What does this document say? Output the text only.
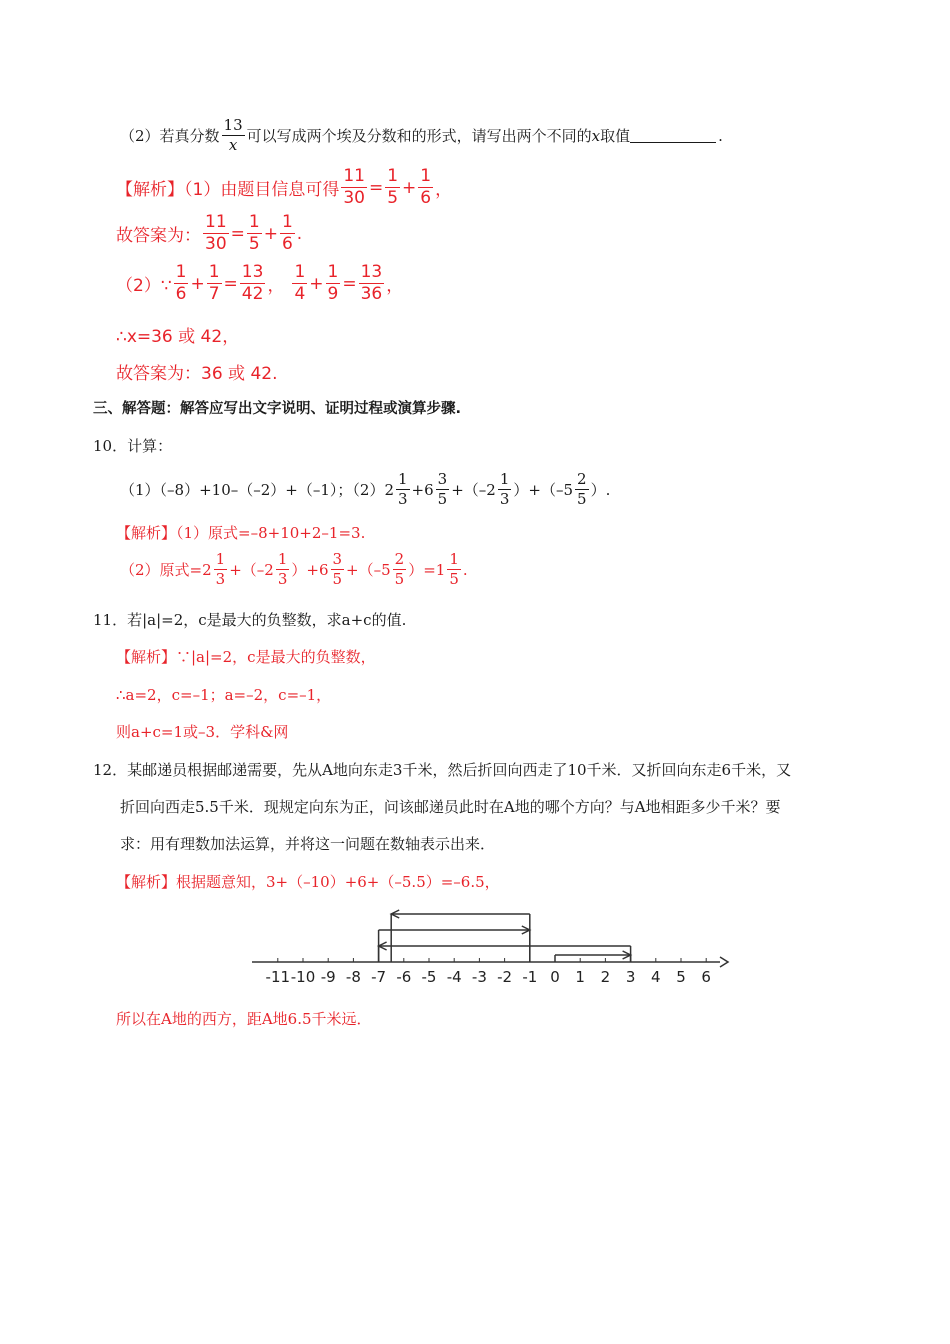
（2）若真分数 $\frac{13}{x}$ 可以写成两个埃及分数和的形式，请写出两个不同的 x 取值	.
【解析】（1）由题目信息可得 $\frac{11}{30} = \frac{1}{5} + \frac{1}{6}$ ，
故答案为： $\frac{11}{30} = \frac{1}{5} + \frac{1}{6}$ .
（2）∵ $\frac{1}{6} + \frac{1}{7} = \frac{13}{42}$ ， $\frac{1}{4} + \frac{1}{9} = \frac{13}{36}$ ，
∴x=36 或 42，
故答案为：36 或 42.
三、解答题：解答应写出文字说明、证明过程或演算步骤.
10．计算：
（1）（–8）+10–（–2）+（–1）；$(2)2 \frac{1}{3} +6 \frac{3}{5} +(-2 \frac{1}{3} )+(-5 \frac{2}{5}$ ）.
【解析】（1）原式=–8+10+2–1=3.
（2）原式$=2 \frac{1}{3} +(-2 \frac{1}{3} )+6 \frac{3}{5} +(-5 \frac{2}{5} )=1 \frac{1}{5}$ .
11．若|a|=2，c是最大的负整数，求a+c的值.
【解析】∵|a|=2，c是最大的负整数，
∴a=2，c=–1；a=–2，c=–1，
则a+c=1或–3．学科&网
12．某邮递员根据邮递需要，先从A地向东走3千米，然后折回向西走了10千米．又折回向东走6千米，又
折回向西走5.5千米．现规定向东为正，问该邮递员此时在A地的哪个方向？与A地相距多少千米？要
求：用有理数加法运算，并将这一问题在数轴表示出来．
【解析】根据题意知，3+（–10）+6+（–5.5）=–6.5，
-11 -10 -9 -8 -7 -6 -5 -4 -3 -2 -1 0 1 2 3 4 5 6
所以在A地的西方，距A地6.5千米远．
